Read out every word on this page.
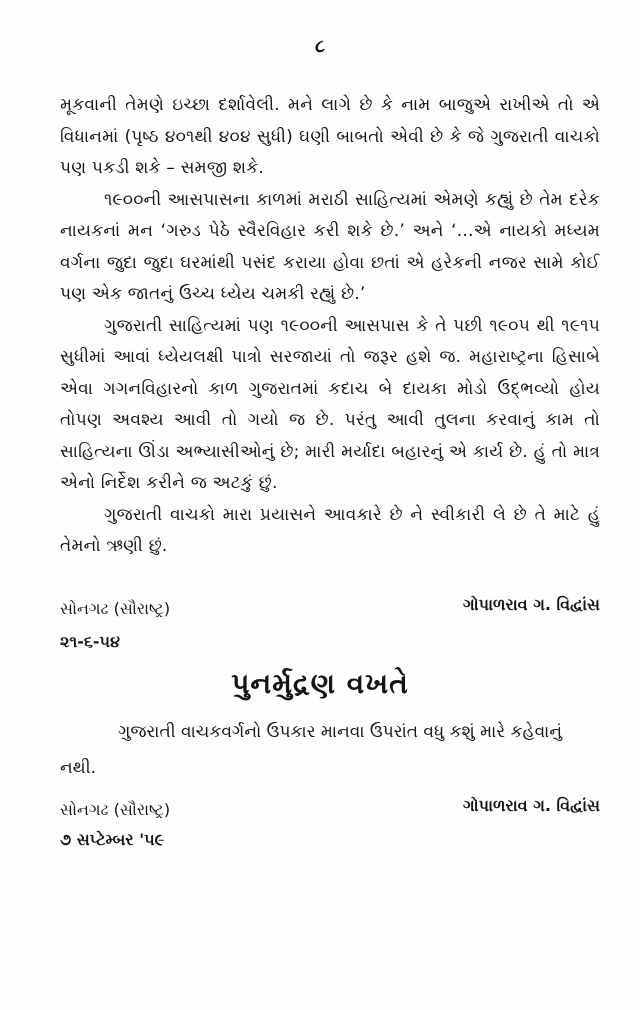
૮

મૂકવાની તેમણે ઇચ્છા દર્શાવેલી. મને લાગે છે કે નામ બાજુએ રાખીએ તો એ વિધાનમાં (પૃષ્ઠ ૪૦૧થી ૪૦૪ સુધી) ઘણી બાબતો એવી છે કે જે ગુજરાતી વાચકો પણ પકડી શકે – સમજી શકે.

૧૯૦૦ની આસપાસના કાળમાં મરાઠી સાહિત્યમાં એમણે કહ્યું છે તેમ દરેક નાયકનાં મન ‘ગરુડ પેઠે સ્વૈરવિહાર કરી શકે છે.’ અને ‘...એ નાયકો મધ્યમ વર્ગના જુદા જુદા ઘરમાંથી પસંદ કરાયા હોવા છતાં એ હરેકની નજર સામે કોઈ પણ એક જાતનું ઉચ્ચ ધ્યેય ચમકી રહ્યું છે.’

ગુજરાતી સાહિત્યમાં પણ ૧૯૦૦ની આસપાસ કે તે પછી ૧૯૦૫ થી ૧૯૧૫ સુધીમાં આવાં ધ્યેયલક્ષી પાત્રો સરજાયાં તો જરૂર હશે જ. મહારાષ્ટ્રના હિસાબે એવા ગગનવિહારનો કાળ ગુજરાતમાં કદાચ બે દાયકા મોડો ઉદ્ભવ્યો હોય તોપણ અવશ્ય આવી તો ગયો જ છે. પરંતુ આવી તુલના કરવાનું કામ તો સાહિત્યના ઊંડા અભ્યાસીઓનું છે; મારી મર્યાદા બહારનું એ કાર્ય છે. હું તો માત્ર એનો નિર્દેશ કરીને જ અટકું છું.

ગુજરાતી વાચકો મારા પ્રયાસને આવકારે છે ને સ્વીકારી લે છે તે માટે હું તેમનો ઋણી છું.

સોનગઢ (સૌરાષ્ટ્ર)	ગોપાળરાવ ગ. વિદ્વાંસ
૨૧-૬-૫૪
પુનર્મુદ્રણ વખતે

ગુજરાતી વાચકવર્ગનો ઉપકાર માનવા ઉપરાંત વધુ કશું મારે કહેવાનું નથી.

સોનગઢ (સૌરાષ્ટ્ર)	ગોપાળરાવ ગ. વિદ્વાંસ
૭ સપ્ટેમ્બર '૫૯
